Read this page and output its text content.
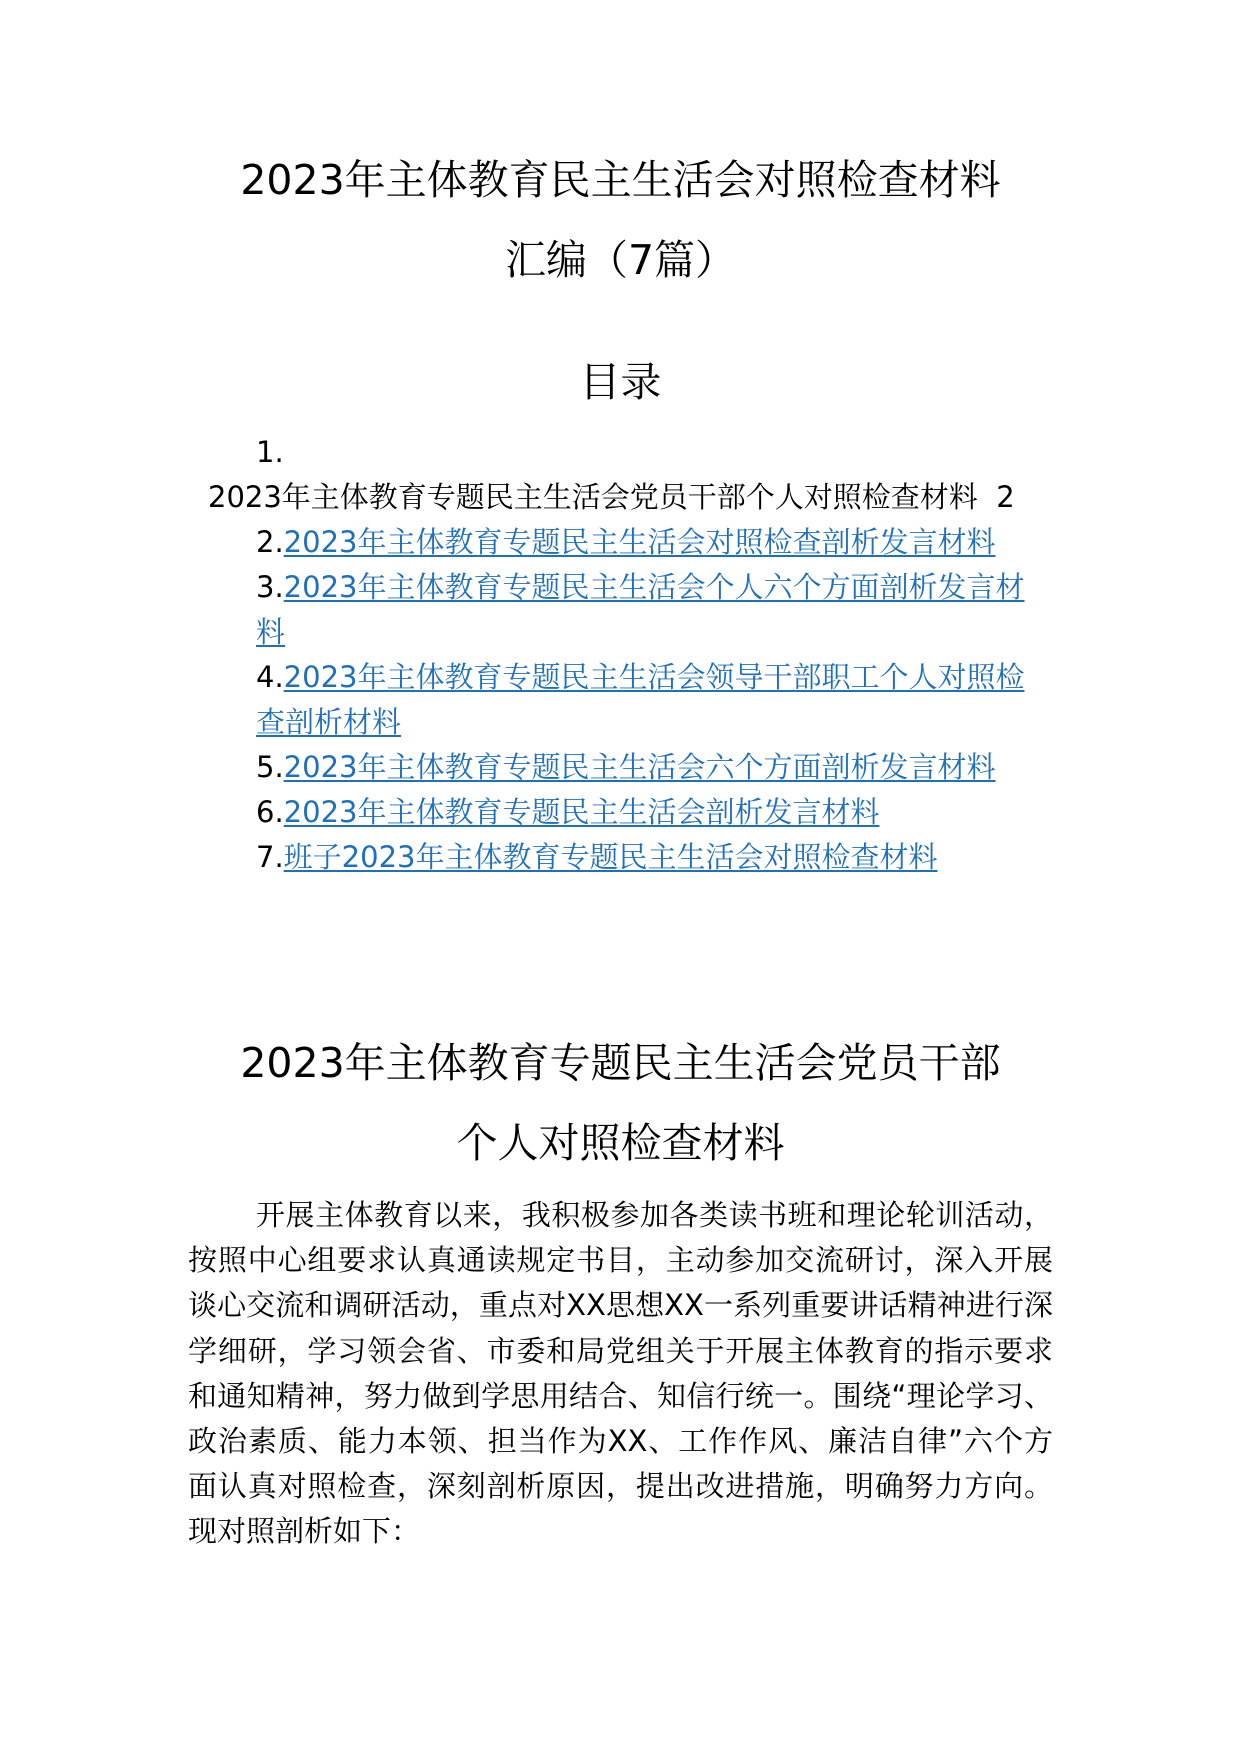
2023年主体教育民主生活会对照检查材料
汇编（7篇）
目录
1.
2023年主体教育专题民主生活会党员干部个人对照检查材料 2
2.2023年主体教育专题民主生活会对照检查剖析发言材料
3.2023年主体教育专题民主生活会个人六个方面剖析发言材料
4.2023年主体教育专题民主生活会领导干部职工个人对照检查剖析材料
5.2023年主体教育专题民主生活会六个方面剖析发言材料
6.2023年主体教育专题民主生活会剖析发言材料
7.班子2023年主体教育专题民主生活会对照检查材料
2023年主体教育专题民主生活会党员干部
个人对照检查材料

开展主体教育以来，我积极参加各类读书班和理论轮训活动，按照中心组要求认真通读规定书目，主动参加交流研讨，深入开展谈心交流和调研活动，重点对XX思想XX一系列重要讲话精神进行深学细研，学习领会省、市委和局党组关于开展主体教育的指示要求和通知精神，努力做到学思用结合、知信行统一。围绕“理论学习、政治素质、能力本领、担当作为XX、工作作风、廉洁自律”六个方面认真对照检查，深刻剖析原因，提出改进措施，明确努力方向。现对照剖析如下：
